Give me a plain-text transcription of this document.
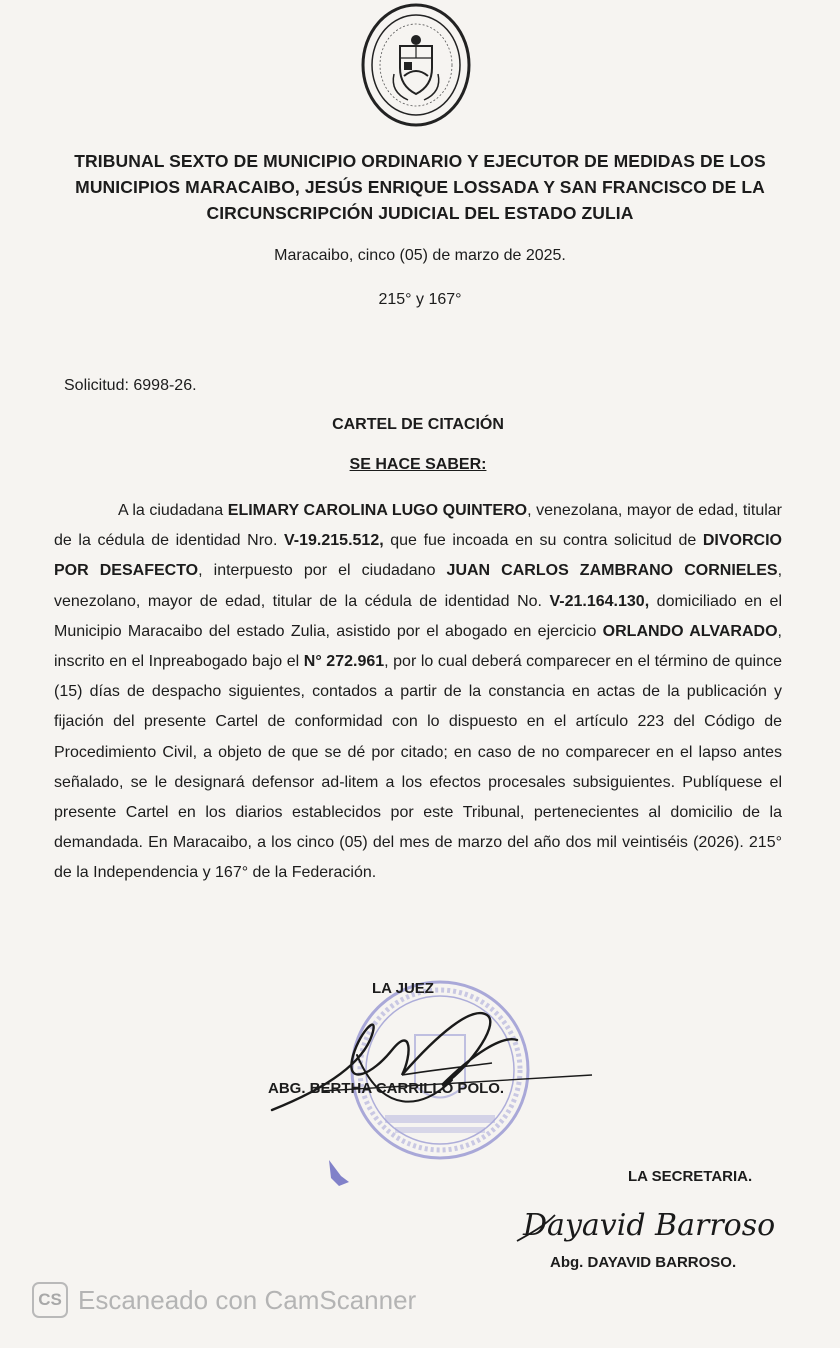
TRIBUNAL SEXTO DE MUNICIPIO ORDINARIO Y EJECUTOR DE MEDIDAS DE LOS
MUNICIPIOS MARACAIBO, JESÚS ENRIQUE LOSSADA Y SAN FRANCISCO DE LA
CIRCUNSCRIPCIÓN JUDICIAL DEL ESTADO ZULIA
Maracaibo, cinco (05) de marzo de 2025.
215° y 167°
Solicitud: 6998-26.
CARTEL DE CITACIÓN
SE HACE SABER:
A la ciudadana ELIMARY CAROLINA LUGO QUINTERO, venezolana, mayor de edad, titular de la cédula de identidad Nro. V-19.215.512, que fue incoada en su contra solicitud de DIVORCIO POR DESAFECTO, interpuesto por el ciudadano JUAN CARLOS ZAMBRANO CORNIELES, venezolano, mayor de edad, titular de la cédula de identidad No. V-21.164.130, domiciliado en el Municipio Maracaibo del estado Zulia, asistido por el abogado en ejercicio ORLANDO ALVARADO, inscrito en el Inpreabogado bajo el N° 272.961, por lo cual deberá comparecer en el término de quince (15) días de despacho siguientes, contados a partir de la constancia en actas de la publicación y fijación del presente Cartel de conformidad con lo dispuesto en el artículo 223 del Código de Procedimiento Civil, a objeto de que se dé por citado; en caso de no comparecer en el lapso antes señalado, se le designará defensor ad-litem a los efectos procesales subsiguientes. Publíquese el presente Cartel en los diarios establecidos por este Tribunal, pertenecientes al domicilio de la demandada. En Maracaibo, a los cinco (05) del mes de marzo del año dos mil veintiséis (2026). 215° de la Independencia y 167° de la Federación.
LA JUEZ
ABG. BERTHA CARRILLO POLO.
LA SECRETARIA.
Dayavid Barroso
Abg. DAYAVID BARROSO.
CS Escaneado con CamScanner
